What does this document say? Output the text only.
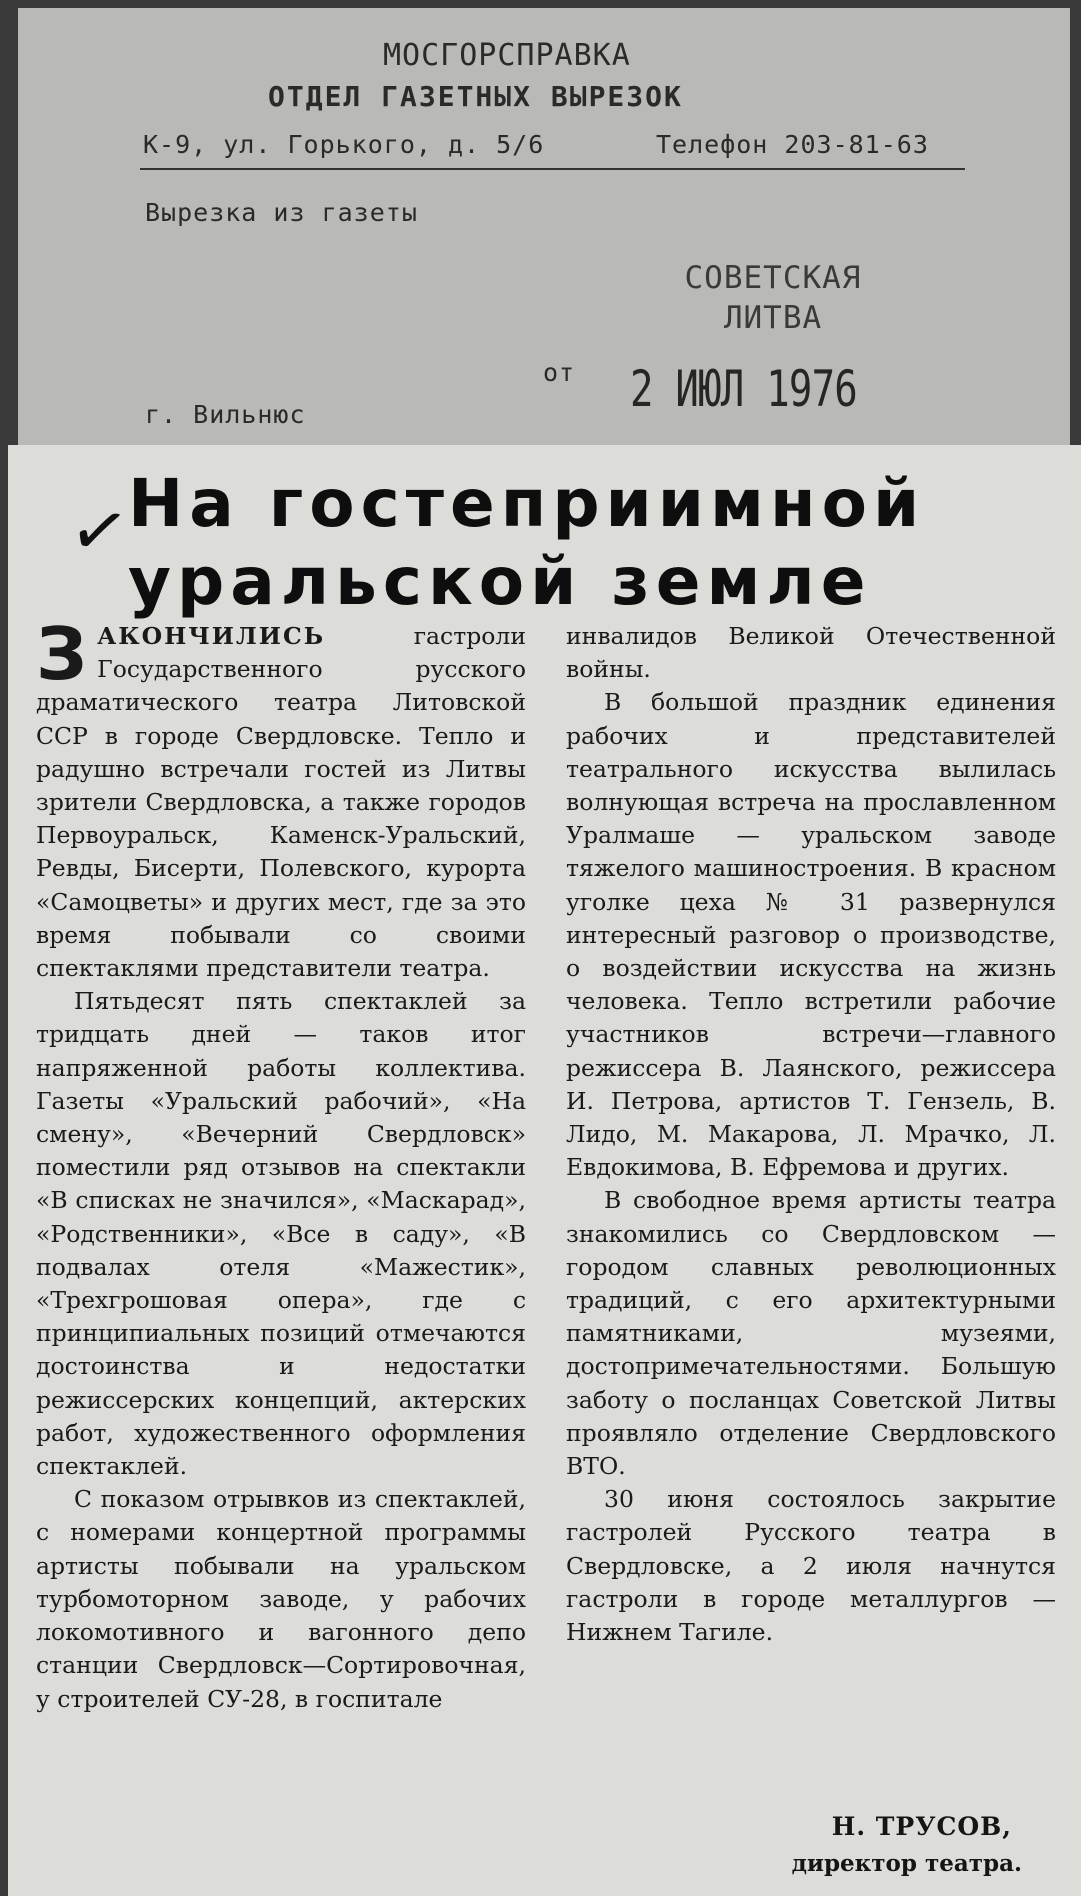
МОСГОРСПРАВКА
ОТДЕЛ ГАЗЕТНЫХ ВЫРЕЗОК
К-9, ул. Горького, д. 5/6	Телефон 203-81-63
Вырезка из газеты
СОВЕТСКАЯ ЛИТВА
г. Вильнюс
от 2 ИЮЛ 1976
✓
На гостеприимной уральской земле

ЗАКОНЧИЛИСЬ гастроли Государственного русского драматического театра Литовской ССР в городе Свердловске. Тепло и радушно встречали гостей из Литвы зрители Свердловска, а также городов Первоуральск, Каменск-Уральский, Ревды, Бисерти, Полевского, курорта «Самоцветы» и других мест, где за это время побывали со своими спектаклями представители театра.

Пятьдесят пять спектаклей за тридцать дней — таков итог напряженной работы коллектива. Газеты «Уральский рабочий», «На смену», «Вечерний Свердловск» поместили ряд отзывов на спектакли «В списках не значился», «Маскарад», «Родственники», «Все в саду», «В подвалах отеля «Мажестик», «Трехгрошовая опера», где с принципиальных позиций отмечаются достоинства и недостатки режиссерских концепций, актерских работ, художественного оформления спектаклей.

С показом отрывков из спектаклей, с номерами концертной программы артисты побывали на уральском турбомоторном заводе, у рабочих локомотивного и вагонного депо станции Свердловск—Сортировочная, у строителей СУ-28, в госпитале

инвалидов Великой Отечественной войны.

В большой праздник единения рабочих и представителей театрального искусства вылилась волнующая встреча на прославленном Уралмаше — уральском заводе тяжелого машиностроения. В красном уголке цеха № 31 развернулся интересный разговор о производстве, о воздействии искусства на жизнь человека. Тепло встретили рабочие участников встречи—главного режиссера В. Лаянского, режиссера И. Петрова, артистов Т. Гензель, В. Лидо, М. Макарова, Л. Мрачко, Л. Евдокимова, В. Ефремова и других.

В свободное время артисты театра знакомились со Свердловском — городом славных революционных традиций, с его архитектурными памятниками, музеями, достопримечательностями. Большую заботу о посланцах Советской Литвы проявляло отделение Свердловского ВТО.

30 июня состоялось закрытие гастролей Русского театра в Свердловске, а 2 июля начнутся гастроли в городе металлургов — Нижнем Тагиле.

Н. ТРУСОВ,
директор театра.
